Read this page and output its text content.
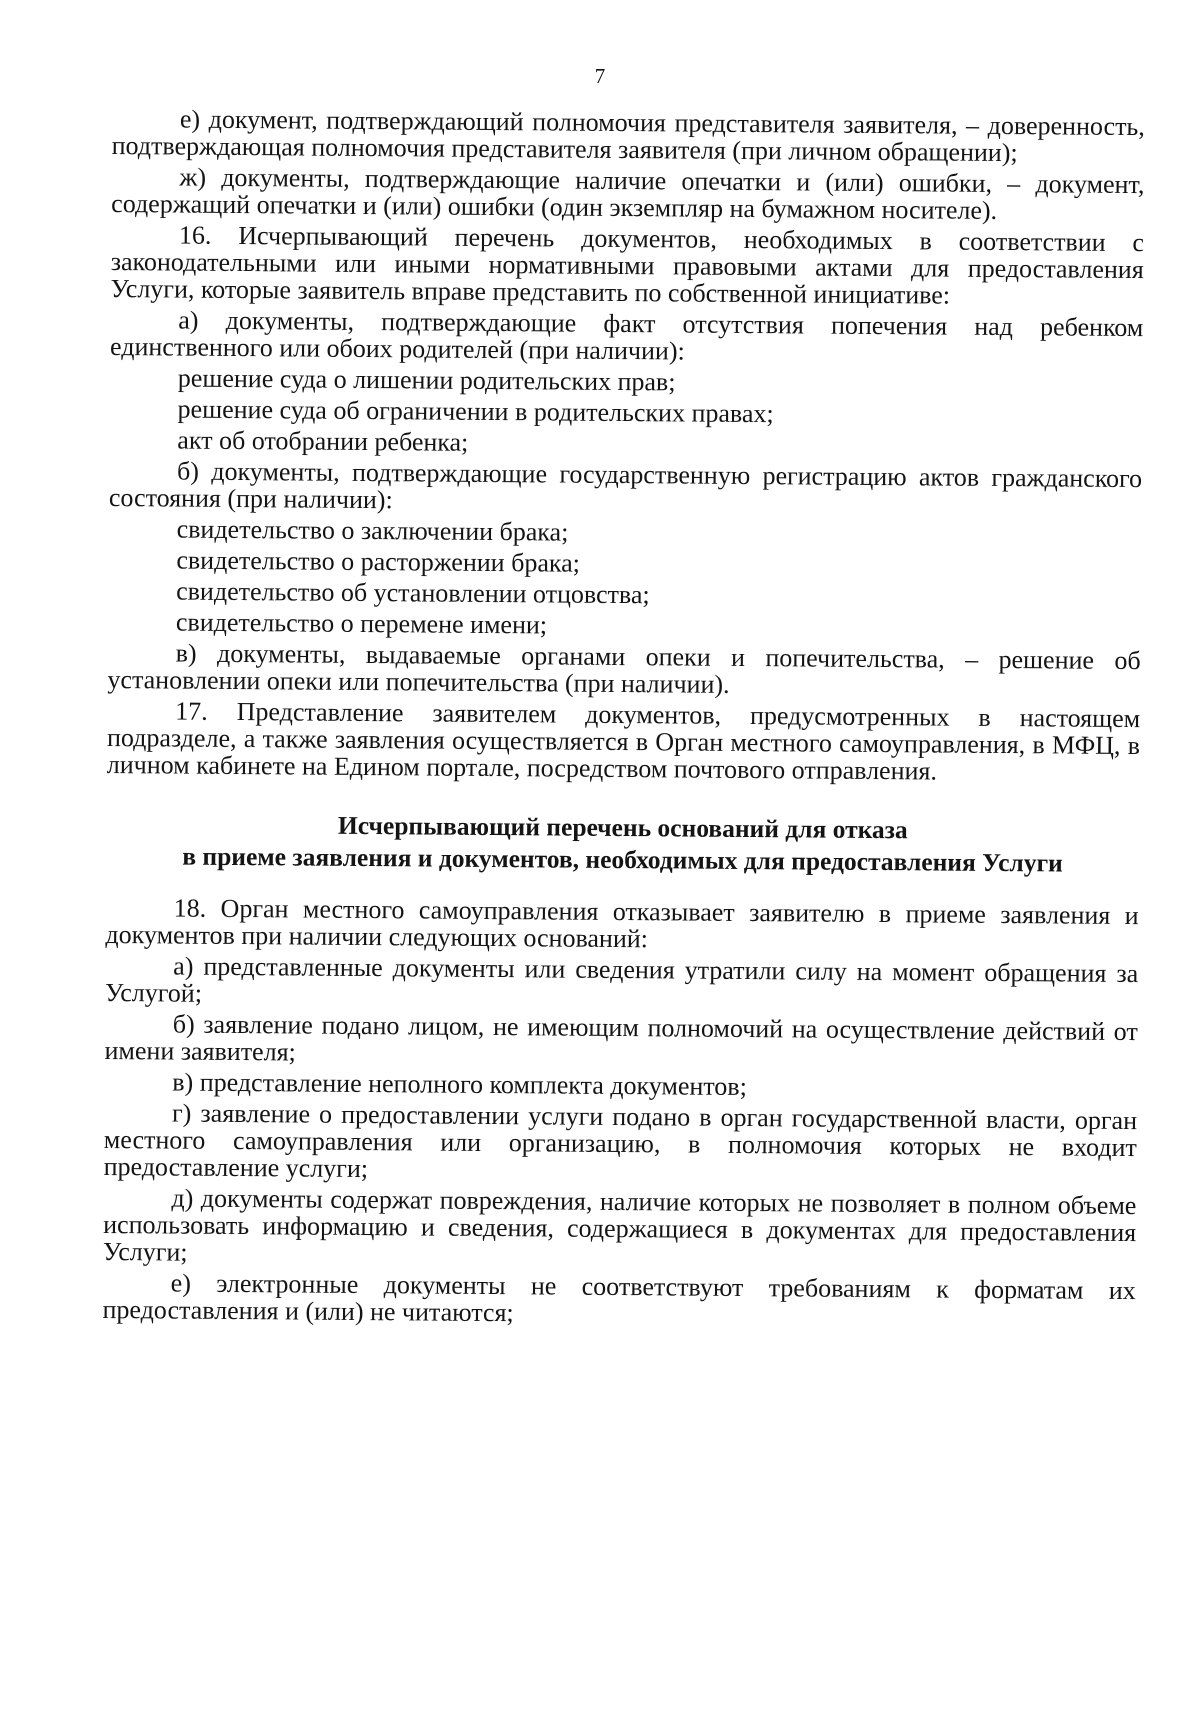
7

е) документ, подтверждающий полномочия представителя заявителя, – доверенность, подтверждающая полномочия представителя заявителя (при личном обращении);

ж) документы, подтверждающие наличие опечатки и (или) ошибки, – документ, содержащий опечатки и (или) ошибки (один экземпляр на бумажном носителе).

16. Исчерпывающий перечень документов, необходимых в соответствии с законодательными или иными нормативными правовыми актами для предоставления Услуги, которые заявитель вправе представить по собственной инициативе:

а) документы, подтверждающие факт отсутствия попечения над ребенком единственного или обоих родителей (при наличии):

решение суда о лишении родительских прав;

решение суда об ограничении в родительских правах;

акт об отобрании ребенка;

б) документы, подтверждающие государственную регистрацию актов гражданского состояния (при наличии):

свидетельство о заключении брака;

свидетельство о расторжении брака;

свидетельство об установлении отцовства;

свидетельство о перемене имени;

в) документы, выдаваемые органами опеки и попечительства, – решение об установлении опеки или попечительства (при наличии).

17. Представление заявителем документов, предусмотренных в настоящем подразделе, а также заявления осуществляется в Орган местного самоуправления, в МФЦ, в личном кабинете на Едином портале, посредством почтового отправления.

Исчерпывающий перечень оснований для отказа
в приеме заявления и документов, необходимых для предоставления Услуги

18. Орган местного самоуправления отказывает заявителю в приеме заявления и документов при наличии следующих оснований:

а) представленные документы или сведения утратили силу на момент обращения за Услугой;

б) заявление подано лицом, не имеющим полномочий на осуществление действий от имени заявителя;

в) представление неполного комплекта документов;

г) заявление о предоставлении услуги подано в орган государственной власти, орган местного самоуправления или организацию, в полномочия которых не входит предоставление услуги;

д) документы содержат повреждения, наличие которых не позволяет в полном объеме использовать информацию и сведения, содержащиеся в документах для предоставления Услуги;

е) электронные документы не соответствуют требованиям к форматам их предоставления и (или) не читаются;
